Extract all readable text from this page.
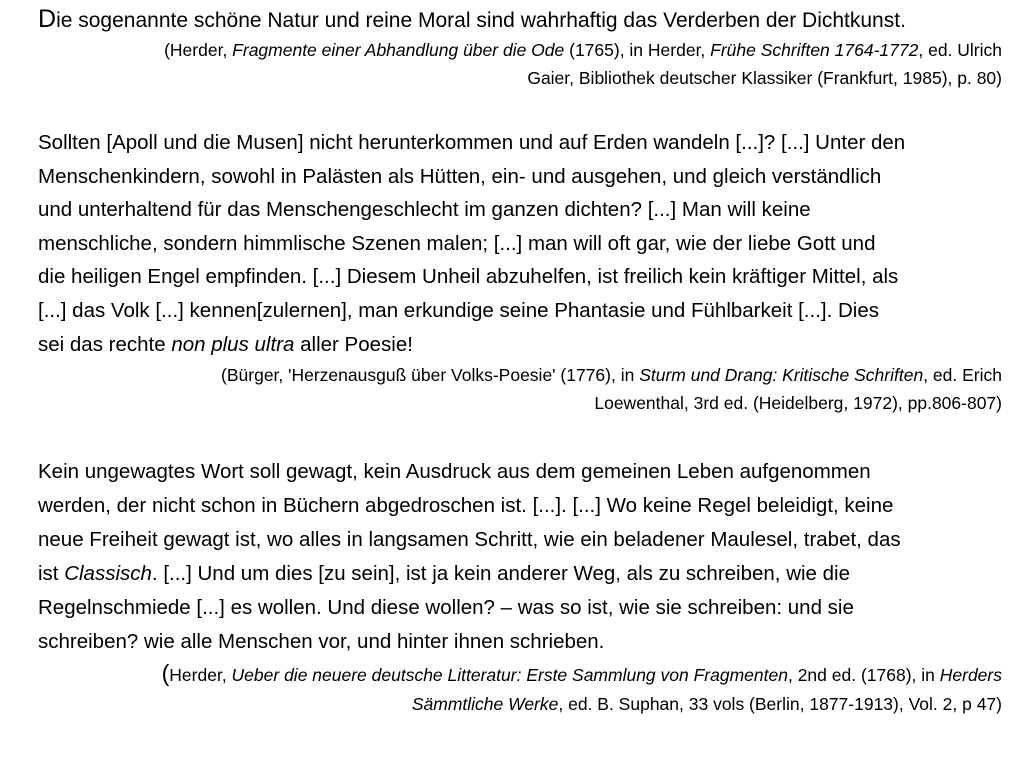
Die sogenannte schöne Natur und reine Moral sind wahrhaftig das Verderben der Dichtkunst.
(Herder, Fragmente einer Abhandlung über die Ode (1765), in Herder, Frühe Schriften 1764-1772, ed. Ulrich
Gaier, Bibliothek deutscher Klassiker (Frankfurt, 1985), p. 80)

Sollten [Apoll und die Musen] nicht herunterkommen und auf Erden wandeln [...]? [...] Unter den
Menschenkindern, sowohl in Palästen als Hütten, ein- und ausgehen, und gleich verständlich
und unterhaltend für das Menschengeschlecht im ganzen dichten? [...] Man will keine
menschliche, sondern himmlische Szenen malen; [...] man will oft gar, wie der liebe Gott und
die heiligen Engel empfinden. [...] Diesem Unheil abzuhelfen, ist freilich kein kräftiger Mittel, als
[...] das Volk [...] kennen[zulernen], man erkundige seine Phantasie und Fühlbarkeit [...]. Dies
sei das rechte non plus ultra aller Poesie!

(Bürger, 'Herzenausguß über Volks-Poesie' (1776), in Sturm und Drang: Kritische Schriften, ed. Erich
Loewenthal, 3rd ed. (Heidelberg, 1972), pp.806-807)

Kein ungewagtes Wort soll gewagt, kein Ausdruck aus dem gemeinen Leben aufgenommen
werden, der nicht schon in Büchern abgedroschen ist. [...]. [...] Wo keine Regel beleidigt, keine
neue Freiheit gewagt ist, wo alles in langsamen Schritt, wie ein beladener Maulesel, trabet, das
ist Classisch. [...] Und um dies [zu sein], ist ja kein anderer Weg, als zu schreiben, wie die
Regelnschmiede [...] es wollen. Und diese wollen? – was so ist, wie sie schreiben: und sie
schreiben? wie alle Menschen vor, und hinter ihnen schrieben.

(Herder, Ueber die neuere deutsche Litteratur: Erste Sammlung von Fragmenten, 2nd ed. (1768), in Herders
Sämmtliche Werke, ed. B. Suphan, 33 vols (Berlin, 1877-1913), Vol. 2, p 47)
